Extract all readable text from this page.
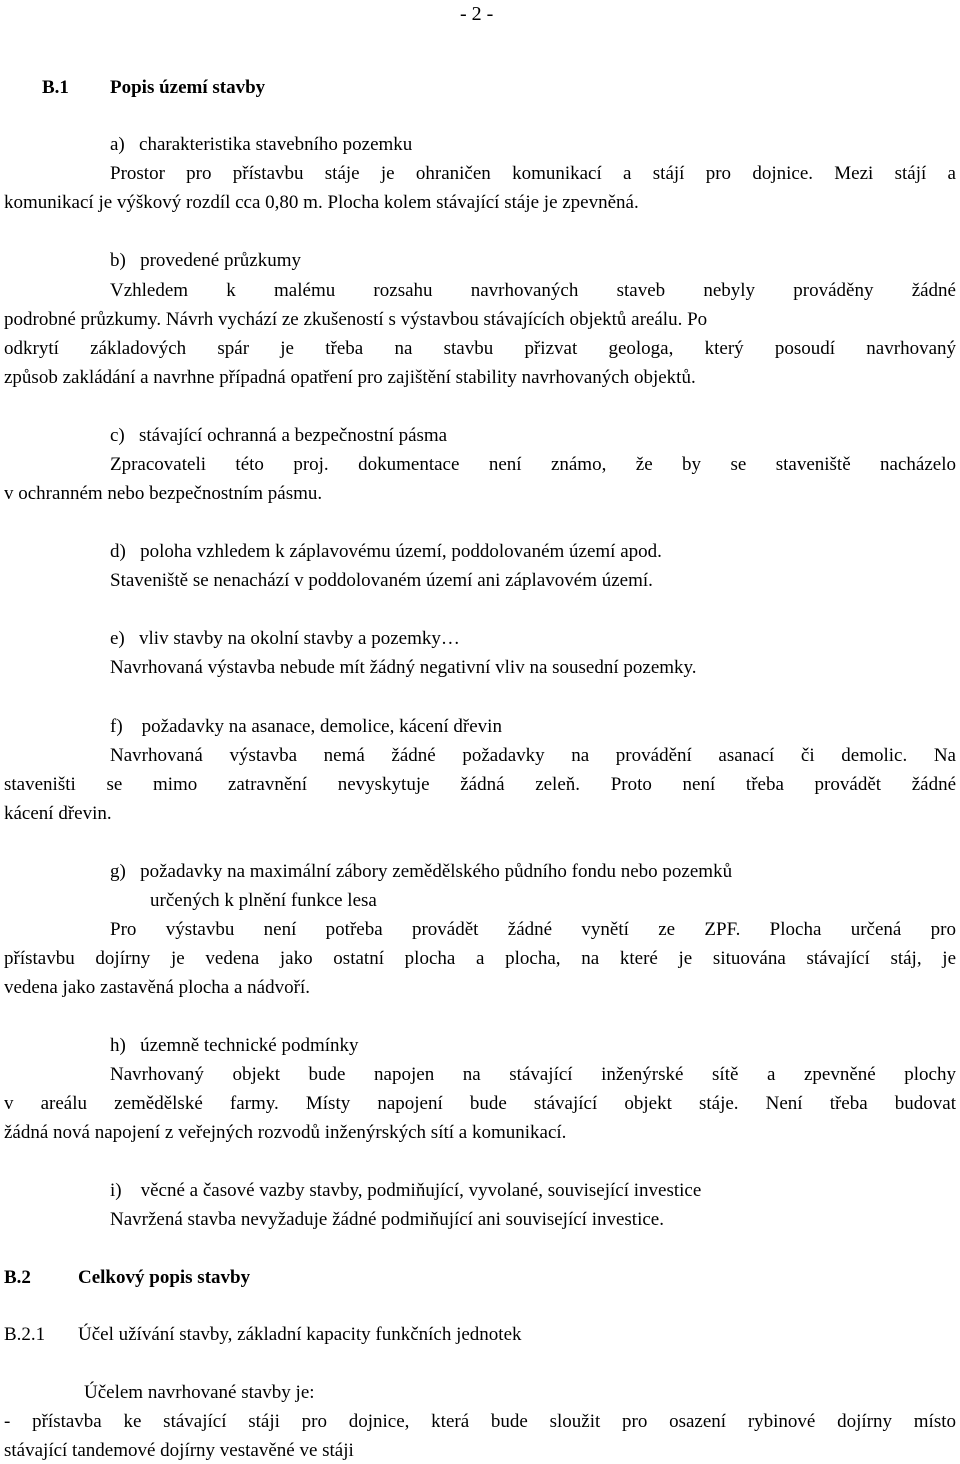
- 2 -
B.1 Popis území stavby
a)   charakteristika stavebního pozemku
Prostor pro přístavbu stáje je ohraničen komunikací a stájí pro dojnice. Mezi stájí a
komunikací je výškový rozdíl cca 0,80 m. Plocha kolem stávající stáje je zpevněná.
b)   provedené průzkumy
Vzhledem k malému rozsahu navrhovaných staveb nebyly prováděny žádné
podrobné průzkumy. Návrh vychází ze zkušeností s výstavbou stávajících objektů areálu. Po
odkrytí základových spár je třeba na stavbu přizvat geologa, který posoudí navrhovaný
způsob zakládání a navrhne případná opatření pro zajištění stability navrhovaných objektů.
c)   stávající ochranná a bezpečnostní pásma
Zpracovateli této proj. dokumentace není známo, že by se staveniště nacházelo
v ochranném nebo bezpečnostním pásmu.
d)   poloha vzhledem k záplavovému území, poddolovaném území apod.
Staveniště se nenachází v poddolovaném území ani záplavovém území.
e)   vliv stavby na okolní stavby a pozemky…
Navrhovaná výstavba nebude mít žádný negativní vliv na sousední pozemky.
f)    požadavky na asanace, demolice, kácení dřevin
Navrhovaná výstavba nemá žádné požadavky na provádění asanací či demolic. Na
staveništi se mimo zatravnění nevyskytuje žádná zeleň. Proto není třeba provádět žádné
kácení dřevin.
g)   požadavky na maximální zábory zemědělského půdního fondu nebo pozemků
určených k plnění funkce lesa
Pro výstavbu není potřeba provádět žádné vynětí ze ZPF. Plocha určená pro
přístavbu dojírny je vedena jako ostatní plocha a plocha, na které je situována stávající stáj, je
vedena jako zastavěná plocha a nádvoří.
h)   územně technické podmínky
Navrhovaný objekt bude napojen na stávající inženýrské sítě a zpevněné plochy
v areálu zemědělské farmy. Místy napojení bude stávající objekt stáje. Není třeba budovat
žádná nová napojení z veřejných rozvodů inženýrských sítí a komunikací.
i)    věcné a časové vazby stavby, podmiňující, vyvolané, související investice
Navržená stavba nevyžaduje žádné podmiňující ani související investice.
B.2 Celkový popis stavby
B.2.1 Účel užívání stavby, základní kapacity funkčních jednotek
Účelem navrhované stavby je:
- přístavba ke stávající stáji pro dojnice, která bude sloužit pro osazení rybinové dojírny místo
stávající tandemové dojírny vestavěné ve stáji
